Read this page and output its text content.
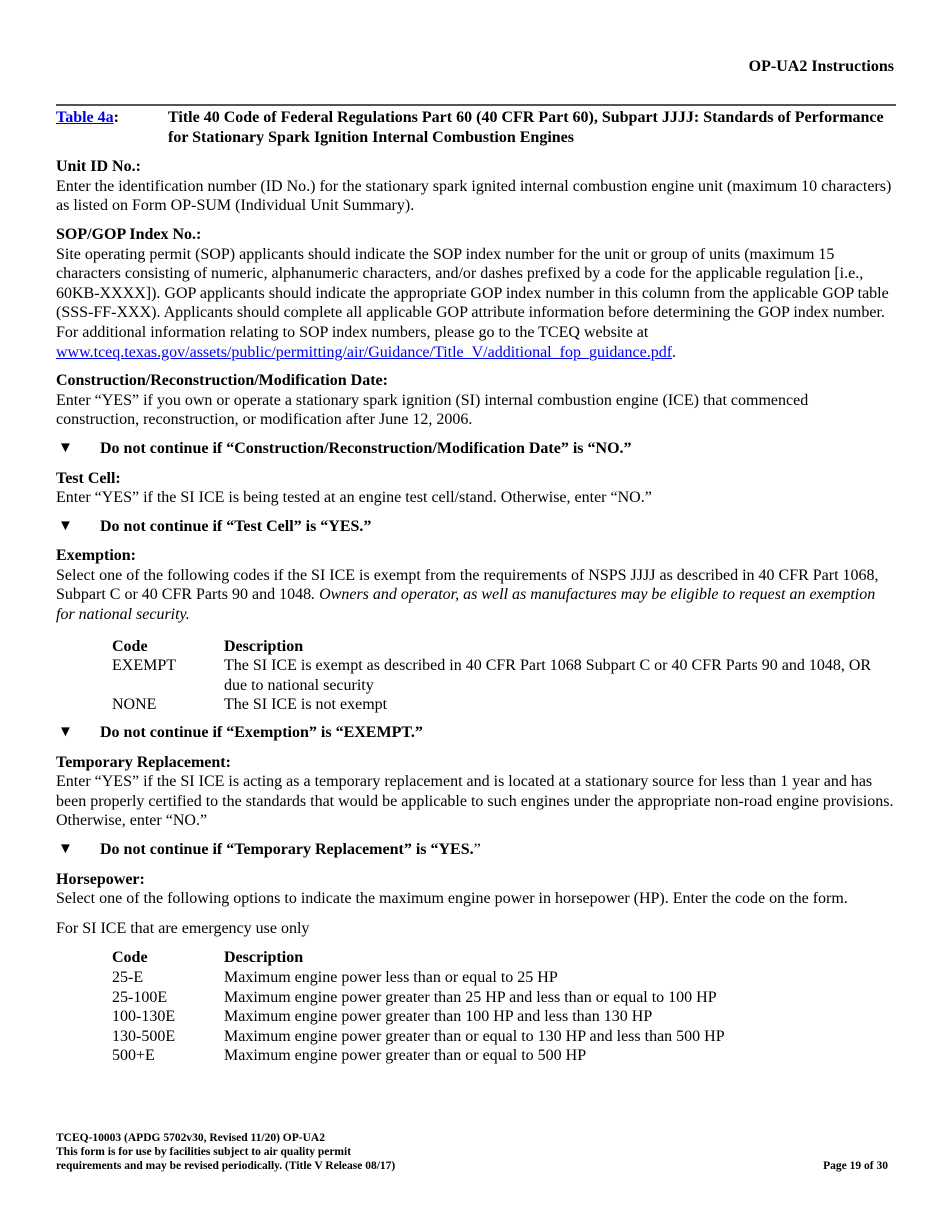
OP-UA2 Instructions
Table 4a:	Title 40 Code of Federal Regulations Part 60 (40 CFR Part 60), Subpart JJJJ: Standards of Performance for Stationary Spark Ignition Internal Combustion Engines
Unit ID No.:

Enter the identification number (ID No.) for the stationary spark ignited internal combustion engine unit (maximum 10 characters) as listed on Form OP-SUM (Individual Unit Summary).

SOP/GOP Index No.:

Site operating permit (SOP) applicants should indicate the SOP index number for the unit or group of units (maximum 15 characters consisting of numeric, alphanumeric characters, and/or dashes prefixed by a code for the applicable regulation [i.e., 60KB-XXXX]). GOP applicants should indicate the appropriate GOP index number in this column from the applicable GOP table (SSS-FF-XXX). Applicants should complete all applicable GOP attribute information before determining the GOP index number. For additional information relating to SOP index numbers, please go to the TCEQ website at www.tceq.texas.gov/assets/public/permitting/air/Guidance/Title_V/additional_fop_guidance.pdf.

Construction/Reconstruction/Modification Date:

Enter “YES” if you own or operate a stationary spark ignition (SI) internal combustion engine (ICE) that commenced construction, reconstruction, or modification after June 12, 2006.

▼	Do not continue if “Construction/Reconstruction/Modification Date” is “NO.”
Test Cell:

Enter “YES” if the SI ICE is being tested at an engine test cell/stand. Otherwise, enter “NO.”

▼	Do not continue if “Test Cell” is “YES.”
Exemption:

Select one of the following codes if the SI ICE is exempt from the requirements of NSPS JJJJ as described in 40 CFR Part 1068, Subpart C or 40 CFR Parts 90 and 1048. Owners and operator, as well as manufactures may be eligible to request an exemption for national security.

Code	Description
EXEMPT	The SI ICE is exempt as described in 40 CFR Part 1068 Subpart C or 40 CFR Parts 90 and 1048, OR due to national security
NONE	The SI ICE is not exempt
▼	Do not continue if “Exemption” is “EXEMPT.”
Temporary Replacement:

Enter “YES” if the SI ICE is acting as a temporary replacement and is located at a stationary source for less than 1 year and has been properly certified to the standards that would be applicable to such engines under the appropriate non-road engine provisions. Otherwise, enter “NO.”

▼	Do not continue if “Temporary Replacement” is “YES.”
Horsepower:

Select one of the following options to indicate the maximum engine power in horsepower (HP). Enter the code on the form.

For SI ICE that are emergency use only

Code	Description
25-E	Maximum engine power less than or equal to 25 HP
25-100E	Maximum engine power greater than 25 HP and less than or equal to 100 HP
100-130E	Maximum engine power greater than 100 HP and less than 130 HP
130-500E	Maximum engine power greater than or equal to 130 HP and less than 500 HP
500+E	Maximum engine power greater than or equal to 500 HP
TCEQ-10003 (APDG 5702v30, Revised 11/20) OP-UA2
This form is for use by facilities subject to air quality permit
requirements and may be revised periodically. (Title V Release 08/17)	Page 19 of 30
